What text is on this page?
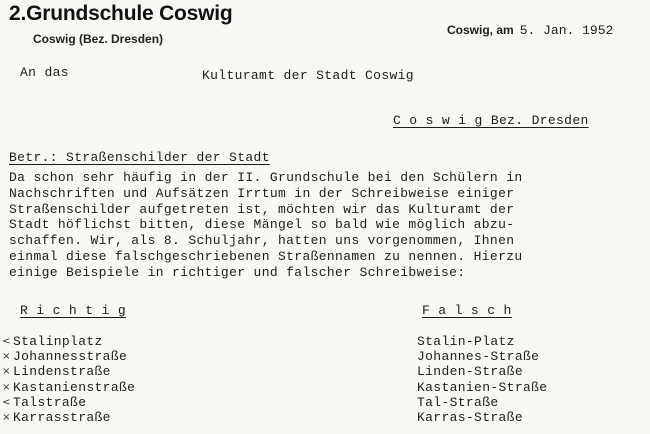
2.Grundschule Coswig
Coswig (Bez. Dresden)
Coswig, am 5. Jan. 1952
An das	Kulturamt der Stadt Coswig
C o s w i g Bez. Dresden
Betr.: Straßenschilder der Stadt
Da schon sehr häufig in der II. Grundschule bei den Schülern in
Nachschriften und Aufsätzen Irrtum in der Schreibweise einiger
Straßenschilder aufgetreten ist, möchten wir das Kulturamt der
Stadt höflichst bitten, diese Mängel so bald wie möglich abzu-
schaffen. Wir, als 8. Schuljahr, hatten uns vorgenommen, Ihnen
einmal diese falschgeschriebenen Straßennamen zu nennen. Hierzu
einige Beispiele in richtiger und falscher Schreibweise:
R i c h t i g	F a l s c h
< Stalinplatz
× Johannesstraße
× Lindenstraße
× Kastanienstraße
< Talstraße
× Karrasstraße
Stalin-Platz
Johannes-Straße
Linden-Straße
Kastanien-Straße
Tal-Straße
Karras-Straße
